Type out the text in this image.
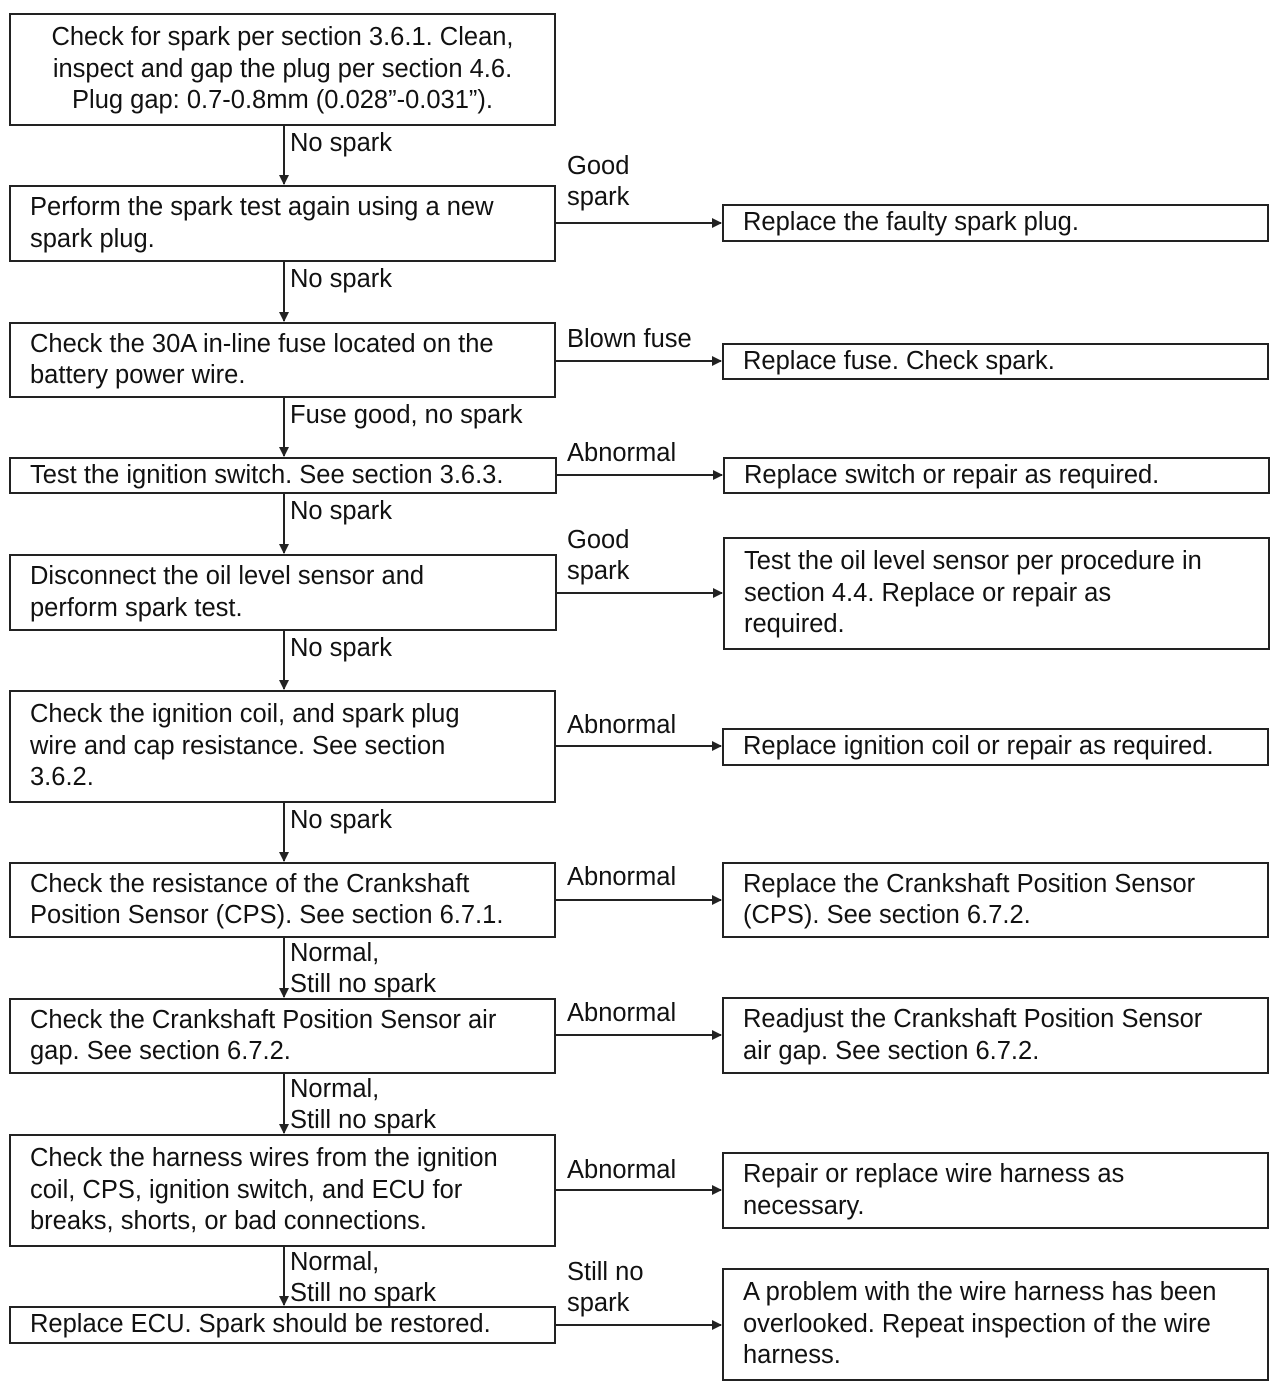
Check for spark per section 3.6.1. Clean,
inspect and gap the plug per section 4.6.
Plug gap: 0.7-0.8mm (0.028”-0.031”).
Perform the spark test again using a new
spark plug.
Check the 30A in-line fuse located on the
battery power wire.
Test the ignition switch. See section 3.6.3.
Disconnect the oil level sensor and
perform spark test.
Check the ignition coil, and spark plug
wire and cap resistance. See section
3.6.2.
Check the resistance of the Crankshaft
Position Sensor (CPS). See section 6.7.1.
Check the Crankshaft Position Sensor air
gap. See section 6.7.2.
Check the harness wires from the ignition
coil, CPS, ignition switch, and ECU for
breaks, shorts, or bad connections.
Replace ECU. Spark should be restored.
Replace the faulty spark plug.
Replace fuse. Check spark.
Replace switch or repair as required.
Test the oil level sensor per procedure in
section 4.4. Replace or repair as
required.
Replace ignition coil or repair as required.
Replace the Crankshaft Position Sensor
(CPS). See section 6.7.2.
Readjust the Crankshaft Position Sensor
air gap. See section 6.7.2.
Repair or replace wire harness as
necessary.
A problem with the wire harness has been
overlooked. Repeat inspection of the wire
harness.
No spark
No spark
Fuse good, no spark
No spark
No spark
No spark
Normal,
Still no spark
Normal,
Still no spark
Normal,
Still no spark
Good
spark
Blown fuse
Abnormal
Good
spark
Abnormal
Abnormal
Abnormal
Abnormal
Still no
spark
